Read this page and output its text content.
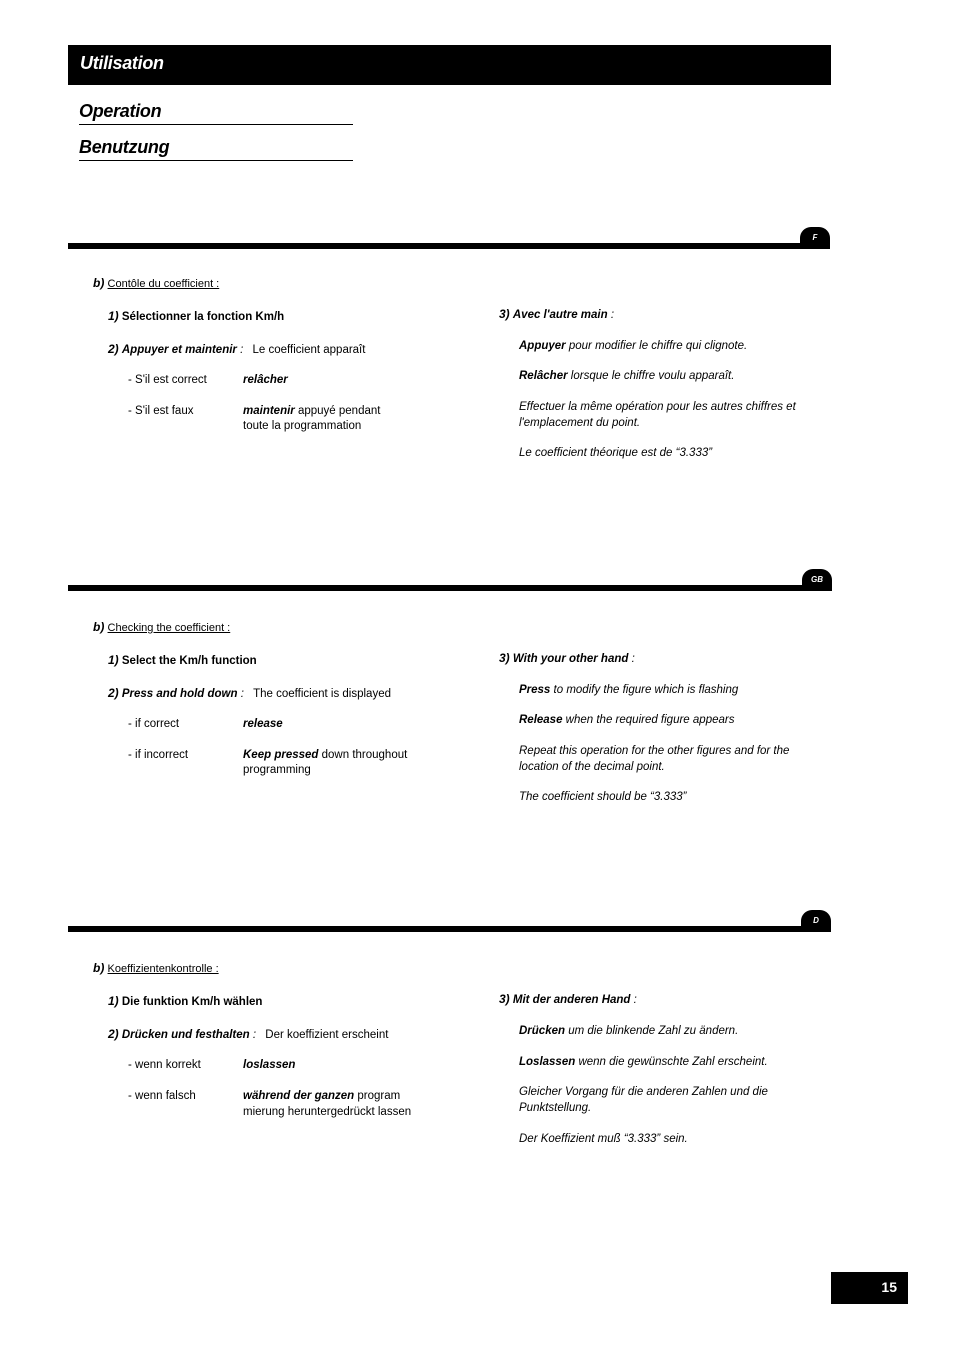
Utilisation
Operation
Benutzung
F
b) Contôle du coefficient :
1) Sélectionner la fonction Km/h
2) Appuyer et maintenir : Le coefficient apparaît
- S'il est correct	relâcher
- S'il est faux	maintenir appuyé pendant
toute la programmation
3) Avec l'autre main :
Appuyer pour modifier le chiffre qui clignote.
Relâcher lorsque le chiffre voulu apparaît.
Effectuer la même opération pour les autres chiffres et
l'emplacement du point.
Le coefficient théorique est de “3.333”
GB
b) Checking the coefficient :
1) Select the Km/h function
2) Press and hold down : The coefficient is displayed
- if correct	release
- if incorrect	Keep pressed down throughout
programming
3) With your other hand :
Press to modify the figure which is flashing
Release when the required figure appears
Repeat this operation for the other figures and for the
location of the decimal point.
The coefficient should be “3.333”
D
b) Koeffizientenkontrolle :
1) Die funktion Km/h wählen
2) Drücken und festhalten : Der koeffizient erscheint
- wenn korrekt	loslassen
- wenn falsch	während der ganzen program
mierung heruntergedrückt lassen
3) Mit der anderen Hand :
Drücken um die blinkende Zahl zu ändern.
Loslassen wenn die gewünschte Zahl erscheint.
Gleicher Vorgang für die anderen Zahlen und die
Punktstellung.
Der Koeffizient muß “3.333” sein.
15
